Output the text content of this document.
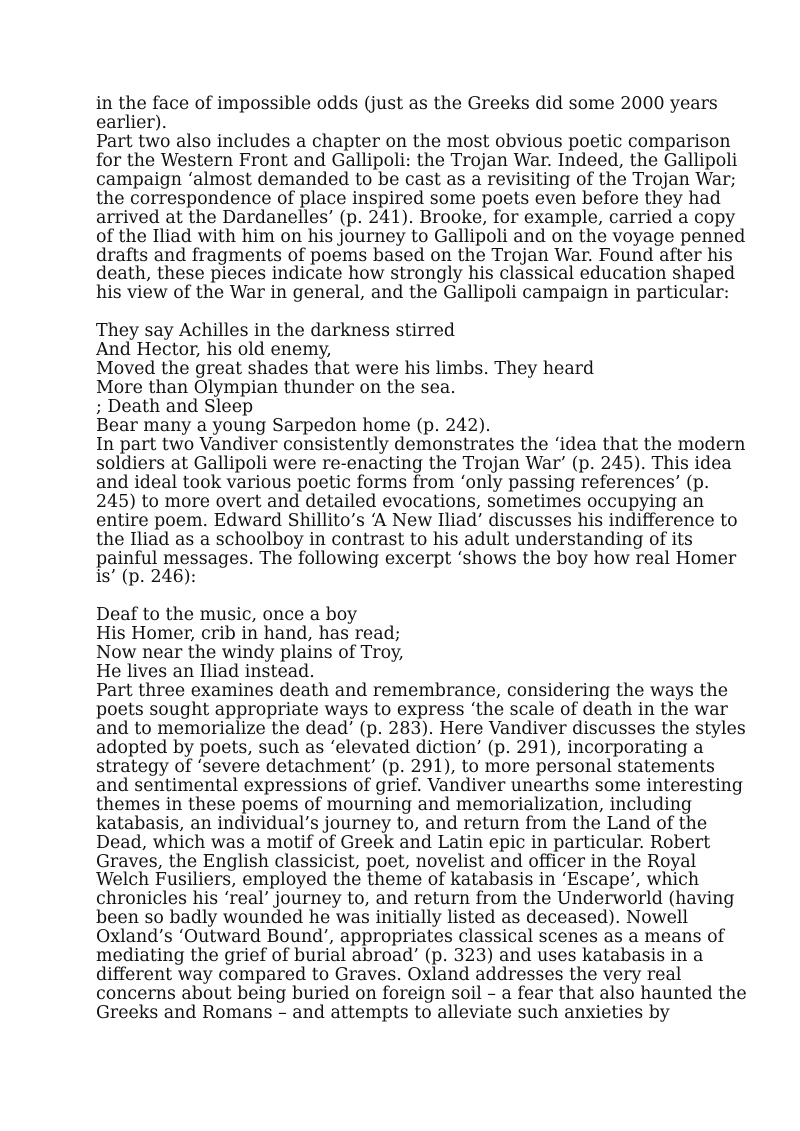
in the face of impossible odds (just as the Greeks did some 2000 years
earlier).
Part two also includes a chapter on the most obvious poetic comparison
for the Western Front and Gallipoli: the Trojan War. Indeed, the Gallipoli
campaign ‘almost demanded to be cast as a revisiting of the Trojan War;
the correspondence of place inspired some poets even before they had
arrived at the Dardanelles’ (p. 241). Brooke, for example, carried a copy
of the Iliad with him on his journey to Gallipoli and on the voyage penned
drafts and fragments of poems based on the Trojan War. Found after his
death, these pieces indicate how strongly his classical education shaped
his view of the War in general, and the Gallipoli campaign in particular:
They say Achilles in the darkness stirred
And Hector, his old enemy,
Moved the great shades that were his limbs. They heard
More than Olympian thunder on the sea.
; Death and Sleep
Bear many a young Sarpedon home (p. 242).
In part two Vandiver consistently demonstrates the ‘idea that the modern
soldiers at Gallipoli were re-enacting the Trojan War’ (p. 245). This idea
and ideal took various poetic forms from ‘only passing references’ (p.
245) to more overt and detailed evocations, sometimes occupying an
entire poem. Edward Shillito’s ‘A New Iliad’ discusses his indifference to
the Iliad as a schoolboy in contrast to his adult understanding of its
painful messages. The following excerpt ‘shows the boy how real Homer
is’ (p. 246):
Deaf to the music, once a boy
His Homer, crib in hand, has read;
Now near the windy plains of Troy,
He lives an Iliad instead.
Part three examines death and remembrance, considering the ways the
poets sought appropriate ways to express ‘the scale of death in the war
and to memorialize the dead’ (p. 283). Here Vandiver discusses the styles
adopted by poets, such as ‘elevated diction’ (p. 291), incorporating a
strategy of ‘severe detachment’ (p. 291), to more personal statements
and sentimental expressions of grief. Vandiver unearths some interesting
themes in these poems of mourning and memorialization, including
katabasis, an individual’s journey to, and return from the Land of the
Dead, which was a motif of Greek and Latin epic in particular. Robert
Graves, the English classicist, poet, novelist and officer in the Royal
Welch Fusiliers, employed the theme of katabasis in ‘Escape’, which
chronicles his ‘real’ journey to, and return from the Underworld (having
been so badly wounded he was initially listed as deceased). Nowell
Oxland’s ‘Outward Bound’, appropriates classical scenes as a means of
mediating the grief of burial abroad’ (p. 323) and uses katabasis in a
different way compared to Graves. Oxland addresses the very real
concerns about being buried on foreign soil – a fear that also haunted the
Greeks and Romans – and attempts to alleviate such anxieties by
